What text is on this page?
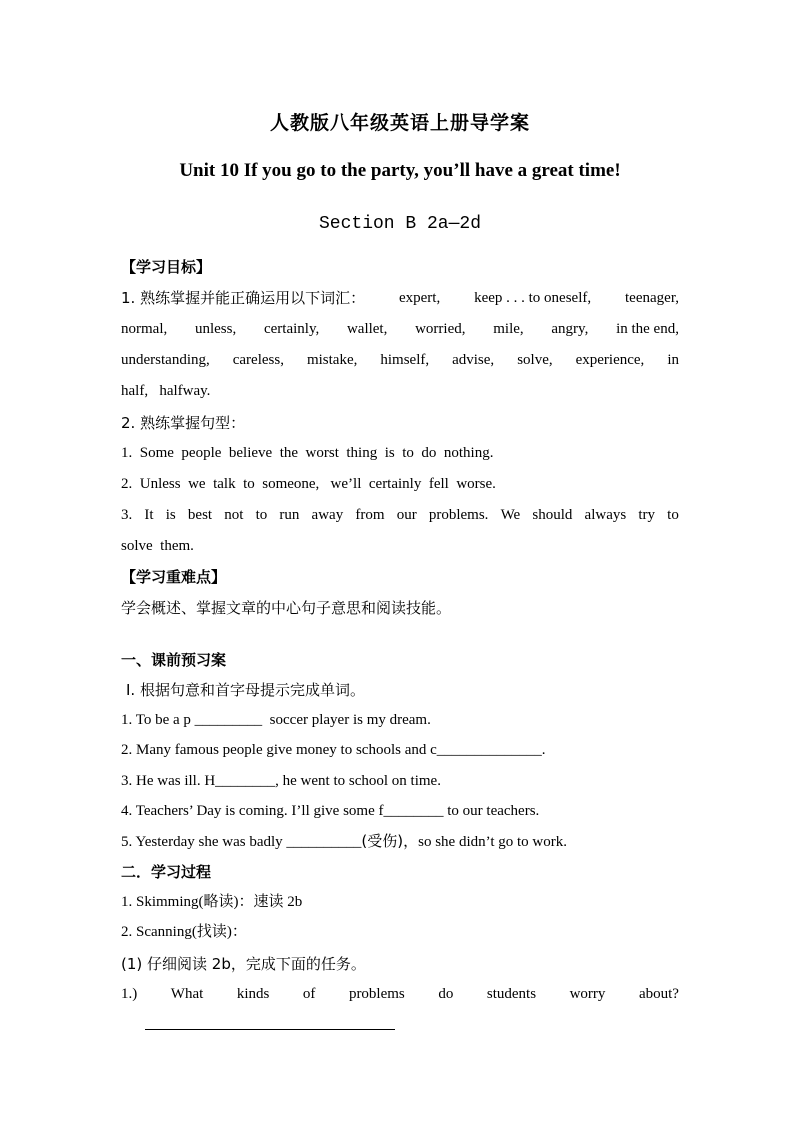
人教版八年级英语上册导学案
Unit 10 If you go to the party, you’ll have a great time!
Section B 2a—2d
【学习目标】
1. 熟练掌握并能正确运用以下词汇： expert, keep . . . to oneself, teenager,
normal, unless, certainly, wallet, worried, mile, angry, in the end,
understanding, careless, mistake, himself, advise, solve, experience, in
half,   halfway.
2. 熟练掌握句型：
1.  Some  people  believe  the  worst  thing  is  to  do  nothing.
2.  Unless  we  talk  to  someone,   we’ll  certainly  fell  worse.
3. It is best not to run away from our problems. We should always try to
solve  them.
【学习重难点】
学会概述、掌握文章的中心句子意思和阅读技能。
一、课前预习案
Ⅰ. 根据句意和首字母提示完成单词。
1. To be a p _________  soccer player is my dream.
2. Many famous people give money to schools and c______________.
3. He was ill. H________, he went to school on time.
4. Teachers’ Day is coming. I’ll give some f________ to our teachers.
5. Yesterday she was badly __________(受伤)，so she didn’t go to work.
二．学习过程
1. Skimming(略读)：速读 2b
2. Scanning(找读)：
(1) 仔细阅读 2b，完成下面的任务。
1.) What kinds of problems do students worry about?
